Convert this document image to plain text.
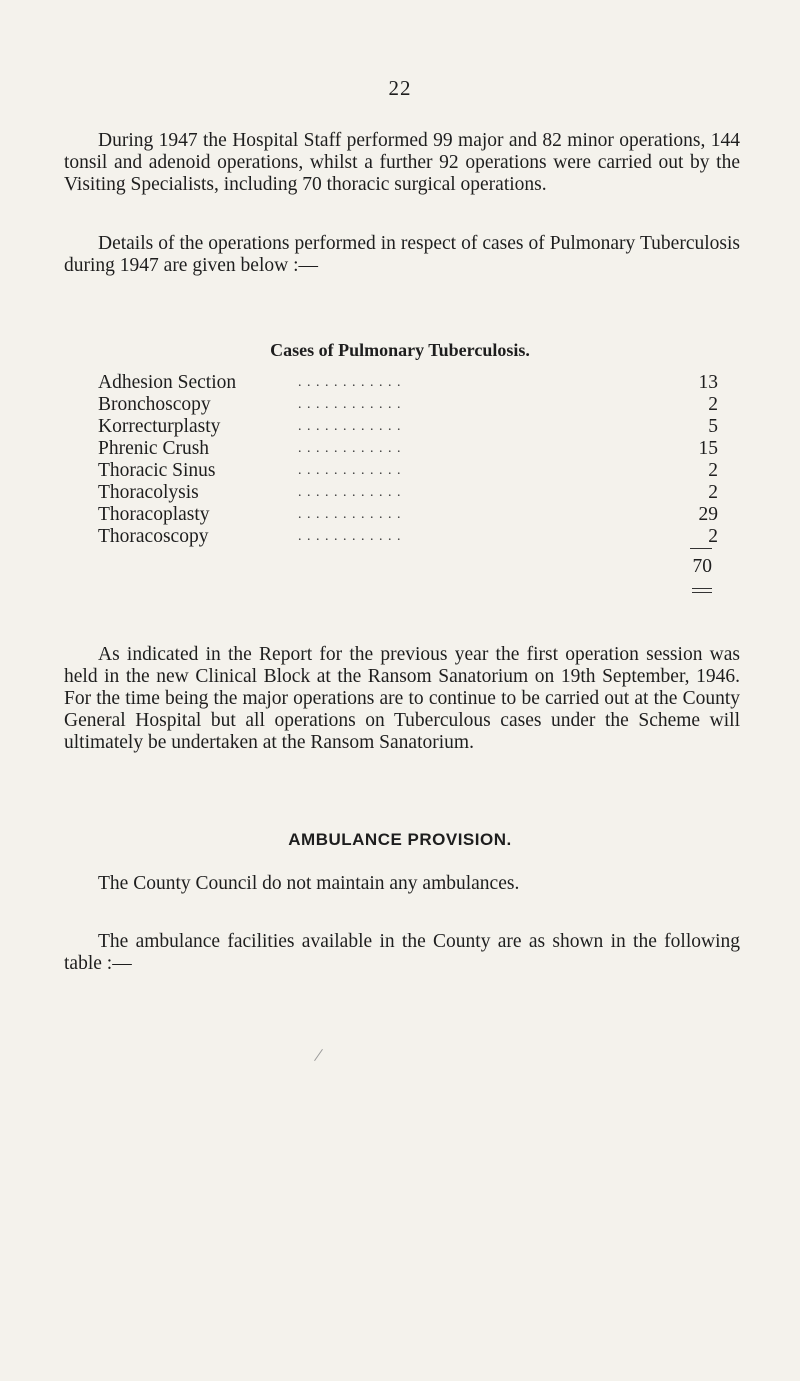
22

During 1947 the Hospital Staff performed 99 major and 82 minor operations, 144 tonsil and adenoid operations, whilst a further 92 operations were carried out by the Visiting Specialists, including 70 thoracic surgical operations.

Details of the operations performed in respect of cases of Pulmonary Tuberculosis during 1947 are given below :—

Cases of Pulmonary Tuberculosis.
Adhesion Section	. . . . . . . . . . . .	13
Bronchoscopy	. . . . . . . . . . . .	2
Korrecturplasty	. . . . . . . . . . . .	5
Phrenic Crush	. . . . . . . . . . . .	15
Thoracic Sinus	. . . . . . . . . . . .	2
Thoracolysis	. . . . . . . . . . . .	2
Thoracoplasty	. . . . . . . . . . . .	29
Thoracoscopy	. . . . . . . . . . . .	2
70

As indicated in the Report for the previous year the first operation session was held in the new Clinical Block at the Ransom Sanatorium on 19th September, 1946. For the time being the major operations are to continue to be carried out at the County General Hospital but all operations on Tuberculous cases under the Scheme will ultimately be undertaken at the Ransom Sanatorium.

AMBULANCE PROVISION.

The County Council do not maintain any ambulances.

The ambulance facilities available in the County are as shown in the following table :—
